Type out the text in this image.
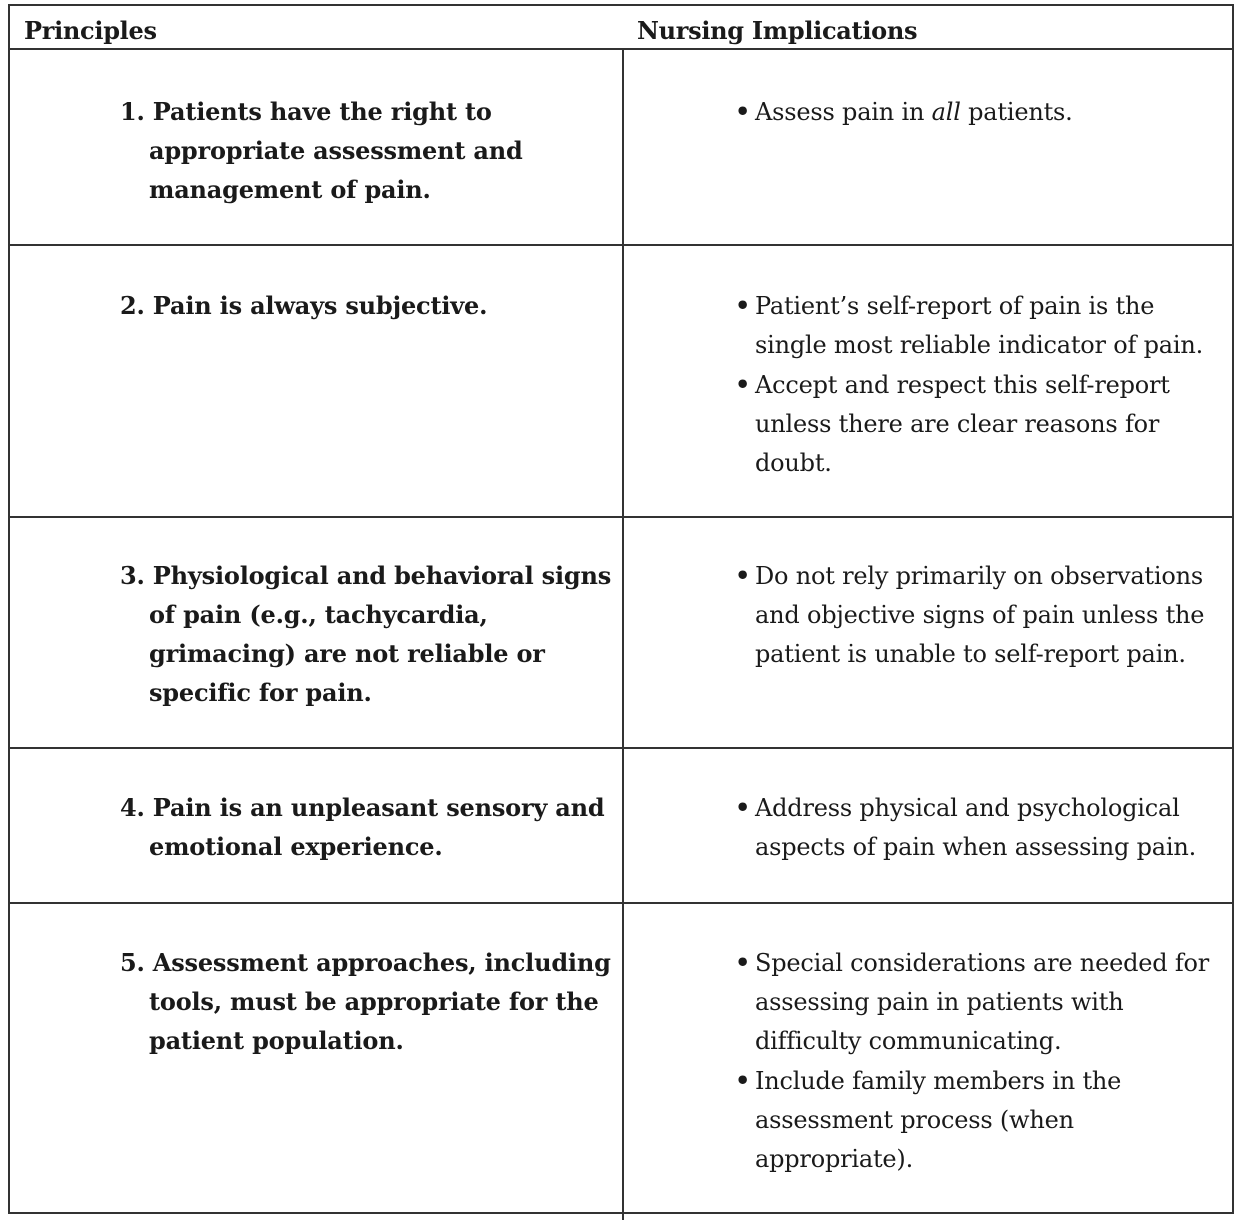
Principles	Nursing Implications
1. Patients have the right to appropriate assessment and management of pain.
• Assess pain in all patients.
2. Pain is always subjective.	• Patient’s self-report of pain is the single most reliable indicator of pain.
• Accept and respect this self-report unless there are clear reasons for doubt.
3. Physiological and behavioral signs of pain (e.g., tachycardia, grimacing) are not reliable or specific for pain.
• Do not rely primarily on observations and objective signs of pain unless the patient is unable to self-report pain.
4. Pain is an unpleasant sensory and emotional experience.
• Address physical and psychological aspects of pain when assessing pain.
5. Assessment approaches, including tools, must be appropriate for the patient population.
• Special considerations are needed for assessing pain in patients with difficulty communicating.
• Include family members in the assessment process (when appropriate).
